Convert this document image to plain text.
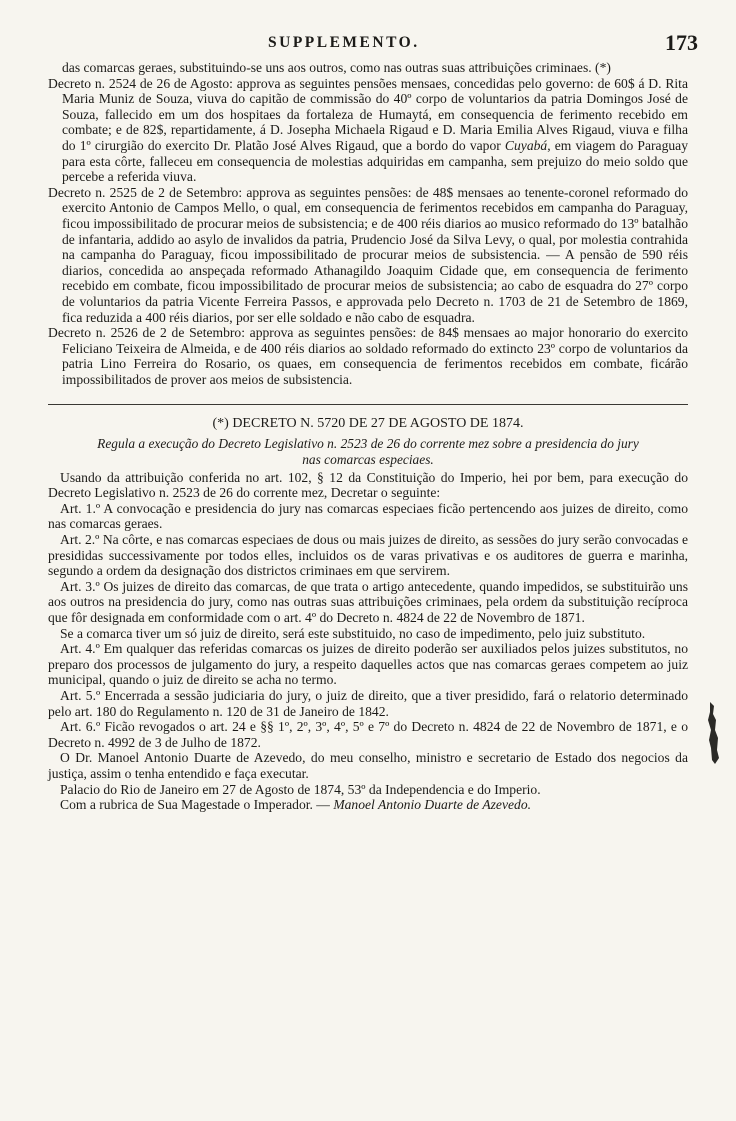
SUPPLEMENTO.	173

das comarcas geraes, substituindo-se uns aos outros, como nas outras suas attribuições criminaes. (*)

Decreto n. 2524 de 26 de Agosto: approva as seguintes pensões mensaes, concedidas pelo governo: de 60$ á D. Rita Maria Muniz de Souza, viuva do capitão de commissão do 40º corpo de voluntarios da patria Domingos José de Souza, fallecido em um dos hospitaes da fortaleza de Humaytá, em consequencia de ferimento recebido em combate; e de 82$, repartidamente, á D. Josepha Michaela Rigaud e D. Maria Emilia Alves Rigaud, viuva e filha do 1º cirurgião do exercito Dr. Platão José Alves Rigaud, que a bordo do vapor Cuyabá, em viagem do Paraguay para esta côrte, falleceu em consequencia de molestias adquiridas em campanha, sem prejuizo do meio soldo que percebe a referida viuva.

Decreto n. 2525 de 2 de Setembro: approva as seguintes pensões: de 48$ mensaes ao tenente-coronel reformado do exercito Antonio de Campos Mello, o qual, em consequencia de ferimentos recebidos em campanha do Paraguay, ficou impossibilitado de procurar meios de subsistencia; e de 400 réis diarios ao musico reformado do 13º batalhão de infantaria, addido ao asylo de invalidos da patria, Prudencio José da Silva Levy, o qual, por molestia contrahida na campanha do Paraguay, ficou impossibilitado de procurar meios de subsistencia. — A pensão de 590 réis diarios, concedida ao anspeçada reformado Athanagildo Joaquim Cidade que, em consequencia de ferimento recebido em combate, ficou impossibilitado de procurar meios de subsistencia; ao cabo de esquadra do 27º corpo de voluntarios da patria Vicente Ferreira Passos, e approvada pelo Decreto n. 1703 de 21 de Setembro de 1869, fica reduzida a 400 réis diarios, por ser elle soldado e não cabo de esquadra.

Decreto n. 2526 de 2 de Setembro: approva as seguintes pensões: de 84$ mensaes ao major honorario do exercito Feliciano Teixeira de Almeida, e de 400 réis diarios ao soldado reformado do extincto 23º corpo de voluntarios da patria Lino Ferreira do Rosario, os quaes, em consequencia de ferimentos recebidos em combate, ficárão impossibilitados de prover aos meios de subsistencia.

(*) DECRETO N. 5720 DE 27 DE AGOSTO DE 1874.
Regula a execução do Decreto Legislativo n. 2523 de 26 do corrente mez sobre a presidencia do jury nas comarcas especiaes.

Usando da attribuição conferida no art. 102, § 12 da Constituição do Imperio, hei por bem, para execução do Decreto Legislativo n. 2523 de 26 do corrente mez, Decretar o seguinte:

Art. 1.º A convocação e presidencia do jury nas comarcas especiaes ficão pertencendo aos juizes de direito, como nas comarcas geraes.

Art. 2.º Na côrte, e nas comarcas especiaes de dous ou mais juizes de direito, as sessões do jury serão convocadas e presididas successivamente por todos elles, incluidos os de varas privativas e os auditores de guerra e marinha, segundo a ordem da designação dos districtos criminaes em que servirem.

Art. 3.º Os juizes de direito das comarcas, de que trata o artigo antecedente, quando impedidos, se substituirão uns aos outros na presidencia do jury, como nas outras suas attribuições criminaes, pela ordem da substituição recíproca que fôr designada em conformidade com o art. 4º do Decreto n. 4824 de 22 de Novembro de 1871.

Se a comarca tiver um só juiz de direito, será este substituido, no caso de impedimento, pelo juiz substituto.

Art. 4.º Em qualquer das referidas comarcas os juizes de direito poderão ser auxiliados pelos juizes substitutos, no preparo dos processos de julgamento do jury, a respeito daquelles actos que nas comarcas geraes competem ao juiz municipal, quando o juiz de direito se acha no termo.

Art. 5.º Encerrada a sessão judiciaria do jury, o juiz de direito, que a tiver presidido, fará o relatorio determinado pelo art. 180 do Regulamento n. 120 de 31 de Janeiro de 1842.

Art. 6.º Ficão revogados o art. 24 e §§ 1º, 2º, 3º, 4º, 5º e 7º do Decreto n. 4824 de 22 de Novembro de 1871, e o Decreto n. 4992 de 3 de Julho de 1872.

O Dr. Manoel Antonio Duarte de Azevedo, do meu conselho, ministro e secretario de Estado dos negocios da justiça, assim o tenha entendido e faça executar.

Palacio do Rio de Janeiro em 27 de Agosto de 1874, 53º da Independencia e do Imperio.

Com a rubrica de Sua Magestade o Imperador. — Manoel Antonio Duarte de Azevedo.
